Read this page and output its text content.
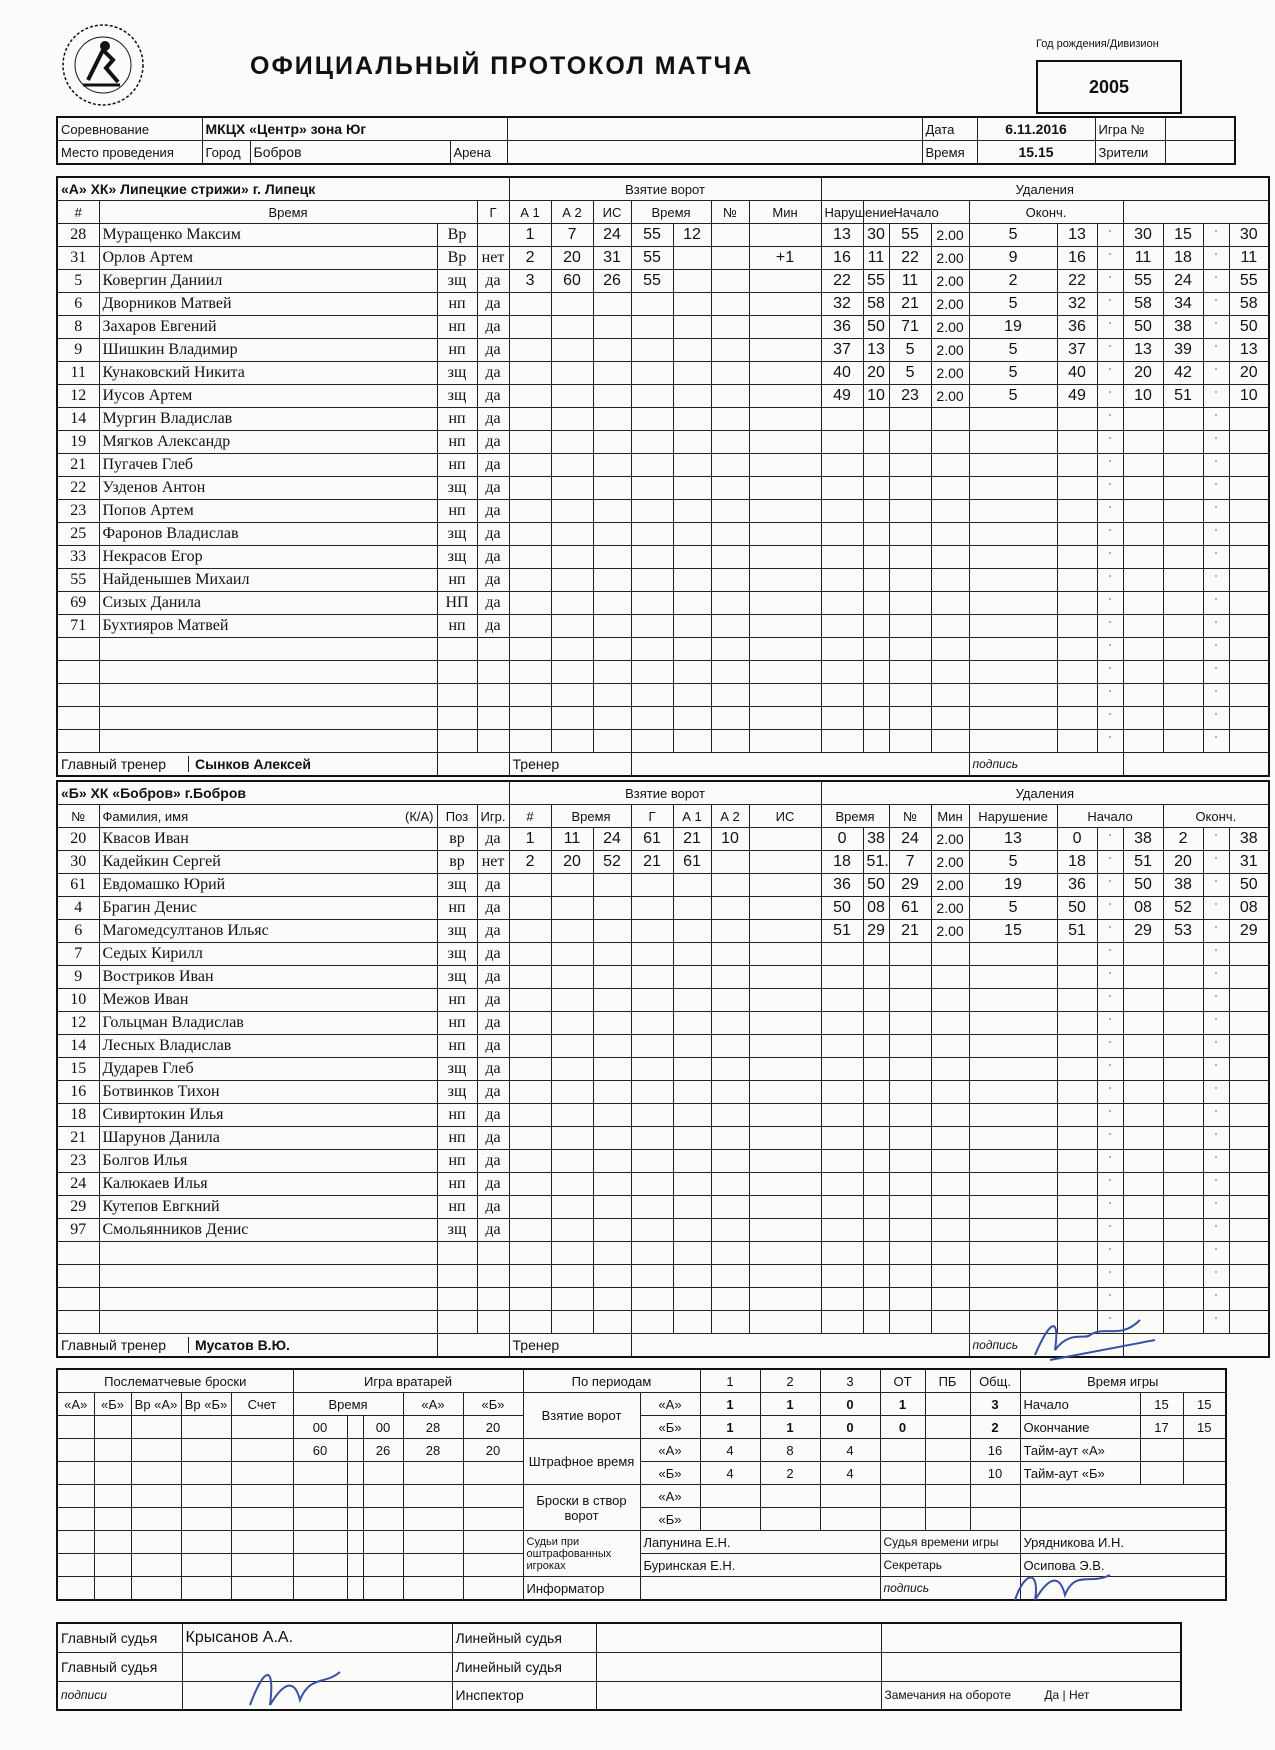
ОФИЦИАЛЬНЫЙ ПРОТОКОЛ МАТЧА
Год рождения/Дивизион
2005
Соревнование	МКЦХ «Центр» зона Юг				Дата	6.11.2016	Игра №	
Место проведения	Город	Бобров	Арена		Время	15.15	Зрители	
«А» ХК» Липецкие стрижи» г. Липецк				Взятие ворот							Удаления										
#	Время		Г	А 1	А 2	ИС	Время		№	Мин	Нарушение	Начало			Оконч.						
28	Муращенко Максим	Вр		1	7	24	55	12			13	30	55	2.00	5	13	ˈ	30	15	ˈ	30
31	Орлов Артем	Вр	нет	2	20	31	55			+1	16	11	22	2.00	9	16	ˈ	11	18	ˈ	11
5	Ковергин Даниил	зщ	да	3	60	26	55				22	55	11	2.00	2	22	ˈ	55	24	ˈ	55
6	Дворников Матвей	нп	да								32	58	21	2.00	5	32	ˈ	58	34	ˈ	58
8	Захаров Евгений	нп	да								36	50	71	2.00	19	36	ˈ	50	38	ˈ	50
9	Шишкин Владимир	нп	да								37	13	5	2.00	5	37	ˈ	13	39	ˈ	13
11	Кунаковский Никита	зщ	да								40	20	5	2.00	5	40	ˈ	20	42	ˈ	20
12	Иусов Артем	зщ	да								49	10	23	2.00	5	49	ˈ	10	51	ˈ	10
14	Мургин Владислав	нп	да														ˈ			ˈ	
19	Мягков Александр	нп	да														ˈ			ˈ	
21	Пугачев Глеб	нп	да														ˈ			ˈ	
22	Узденов Антон	зщ	да														ˈ			ˈ	
23	Попов Артем	нп	да														ˈ			ˈ	
25	Фаронов Владислав	зщ	да														ˈ			ˈ	
33	Некрасов Егор	зщ	да														ˈ			ˈ	
55	Найденышев Михаил	нп	да														ˈ			ˈ	
69	Сизых Данила	НП	да														ˈ			ˈ	
71	Бухтияров Матвей	нп	да														ˈ			ˈ	
																	ˈ			ˈ	
																	ˈ			ˈ	
																	ˈ			ˈ	
																	ˈ			ˈ	
																	ˈ			ˈ	
Главный тренер Сынков Алексей				Тренер											подпись						
«Б» ХК «Бобров» г.Бобров				Взятие ворот							Удаления										
№	Фамилия, имя (К/А)	Поз	Игр.	#	Время		Г	А 1	А 2	ИС	Время		№	Мин	Нарушение	Начало			Оконч.		
20	Квасов Иван	вр	да	1	11	24	61	21	10		0	38	24	2.00	13	0	ˈ	38	2	ˈ	38
30	Кадейкин Сергей	вр	нет	2	20	52	21	61			18	51.	7	2.00	5	18	ˈ	51	20	ˈ	31
61	Евдомашко Юрий	зщ	да								36	50	29	2.00	19	36	ˈ	50	38	ˈ	50
4	Брагин Денис	нп	да								50	08	61	2.00	5	50	ˈ	08	52	ˈ	08
6	Магомедсултанов Ильяс	зщ	да								51	29	21	2.00	15	51	ˈ	29	53	ˈ	29
7	Седых Кирилл	зщ	да														ˈ			ˈ	
9	Востриков Иван	зщ	да														ˈ			ˈ	
10	Межов Иван	нп	да														ˈ			ˈ	
12	Гольцман Владислав	нп	да														ˈ			ˈ	
14	Лесных Владислав	нп	да														ˈ			ˈ	
15	Дударев Глеб	зщ	да														ˈ			ˈ	
16	Ботвинков Тихон	зщ	да														ˈ			ˈ	
18	Сивиртокин Илья	нп	да														ˈ			ˈ	
21	Шарунов Данила	нп	да														ˈ			ˈ	
23	Болгов Илья	нп	да														ˈ			ˈ	
24	Калюкаев Илья	нп	да														ˈ			ˈ	
29	Кутепов Евгкний	нп	да														ˈ			ˈ	
97	Смольянников Денис	зщ	да														ˈ			ˈ	
																	ˈ			ˈ	
																	ˈ			ˈ	
																	ˈ			ˈ	
																	ˈ			ˈ	
Главный тренер Мусатов В.Ю.				Тренер											подпись						
Послематчевые броски					Игра вратарей					По периодам		1	2	3	ОТ	ПБ	Общ.	Время игры		
«А»	«Б»	Вр «А»	Вр «Б»	Счет	Время			«А»	«Б»	Взятие ворот	«А»	1	1	0	1		3	Начало	15	15
					00		00	28	20		«Б»	1	1	0	0		2	Окончание	17	15
					60		26	28	20	Штрафное время	«А»	4	8	4			16	Тайм-аут «А»		
											«Б»	4	2	4			10	Тайм-аут «Б»		
										Броски в створ ворот	«А»									
											«Б»									
										Судьи при оштрафованных игроках	Лапунина Е.Н.				Судья времени игры			Урядникова И.Н.		
											Буринская Е.Н.				Секретарь			Осипова Э.В.		
										Информатор					подпись					
Главный судья	Крысанов А.А.	Линейный судья		
Главный судья		Линейный судья		
подписи		Инспектор		Замечания на обороте Да | Нет
